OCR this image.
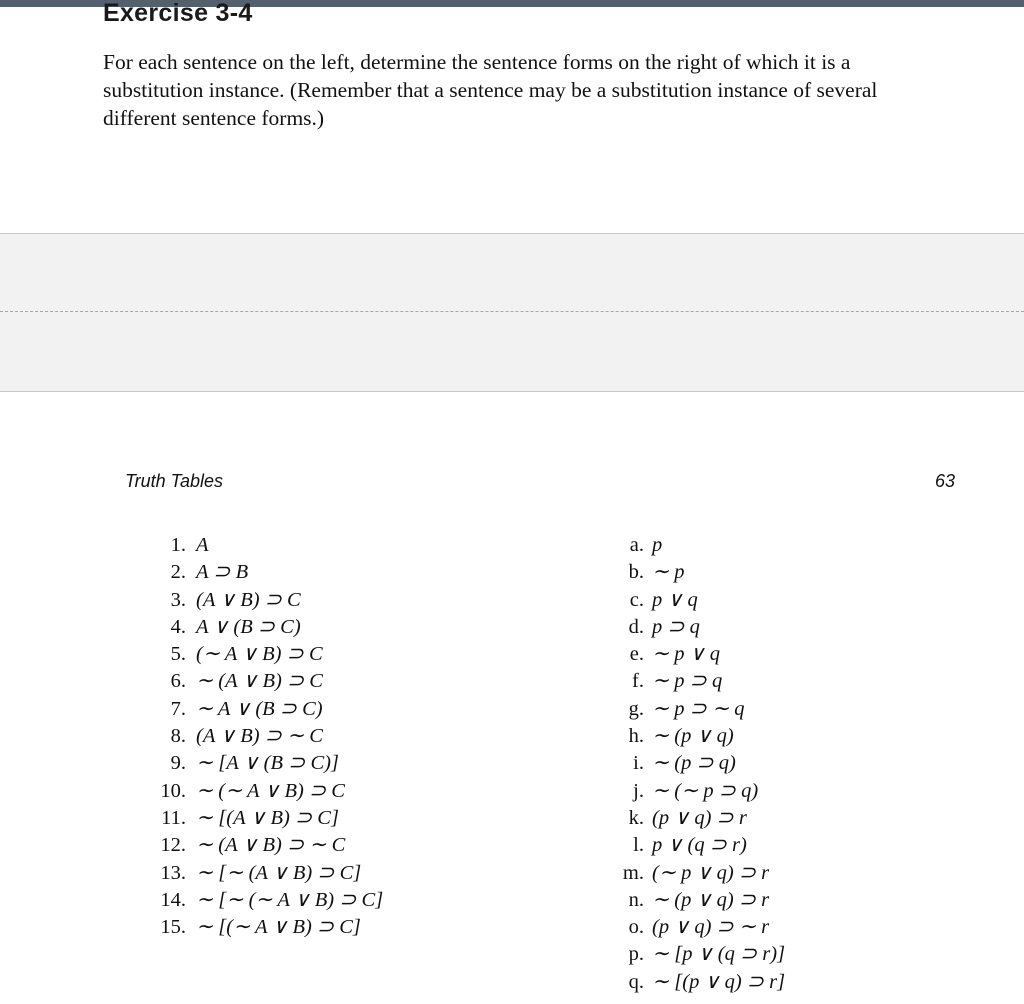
Exercise 3-4
For each sentence on the left, determine the sentence forms on the right of which it is a substitution instance. (Remember that a sentence may be a substitution instance of several different sentence forms.)
Truth Tables	63
1. A
2. A ⊃ B
3. (A ∨ B) ⊃ C
4. A ∨ (B ⊃ C)
5. (∼ A ∨ B) ⊃ C
6. ∼ (A ∨ B) ⊃ C
7. ∼ A ∨ (B ⊃ C)
8. (A ∨ B) ⊃ ∼ C
9. ∼ [A ∨ (B ⊃ C)]
10. ∼ (∼ A ∨ B) ⊃ C
11. ∼ [(A ∨ B) ⊃ C]
12. ∼ (A ∨ B) ⊃ ∼ C
13. ∼ [∼ (A ∨ B) ⊃ C]
14. ∼ [∼ (∼ A ∨ B) ⊃ C]
15. ∼ [(∼ A ∨ B) ⊃ C]
a. p
b. ∼ p
c. p ∨ q
d. p ⊃ q
e. ∼ p ∨ q
f. ∼ p ⊃ q
g. ∼ p ⊃ ∼ q
h. ∼ (p ∨ q)
i. ∼ (p ⊃ q)
j. ∼ (∼ p ⊃ q)
k. (p ∨ q) ⊃ r
l. p ∨ (q ⊃ r)
m. (∼ p ∨ q) ⊃ r
n. ∼ (p ∨ q) ⊃ r
o. (p ∨ q) ⊃ ∼ r
p. ∼ [p ∨ (q ⊃ r)]
q. ∼ [(p ∨ q) ⊃ r]
